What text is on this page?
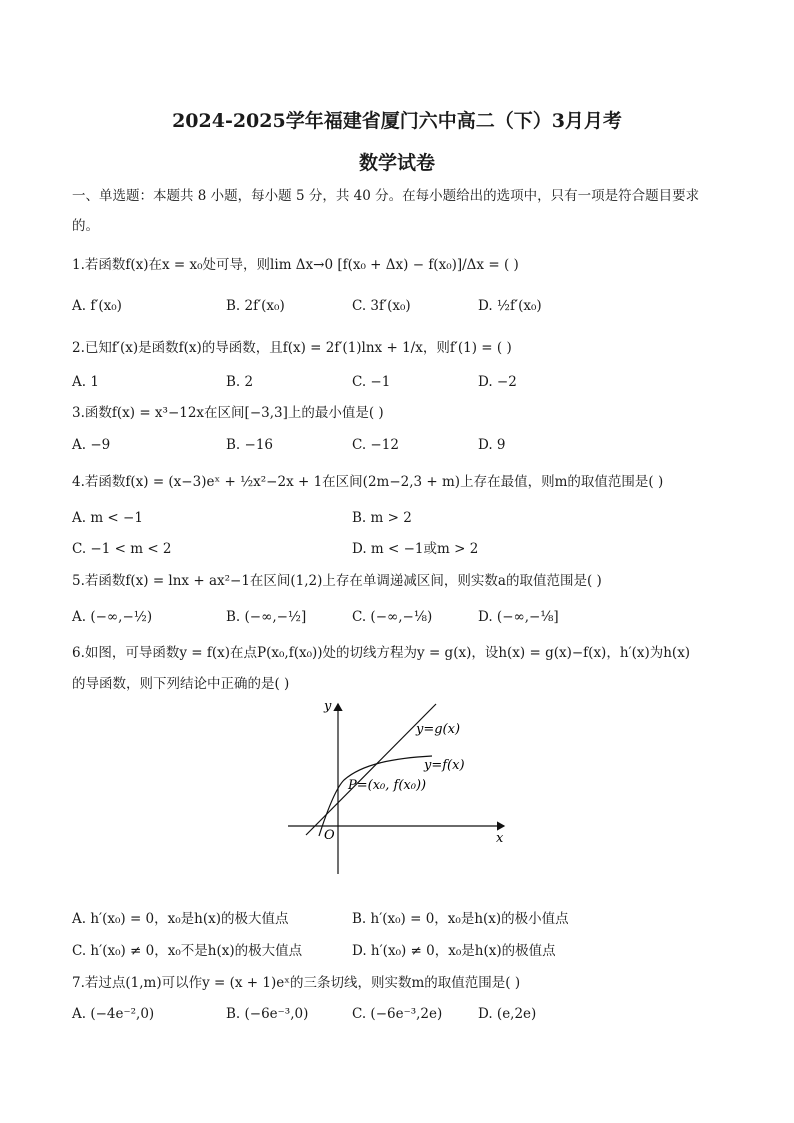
2024-2025学年福建省厦门六中高二（下）3月月考
数学试卷
一、单选题：本题共 8 小题，每小题 5 分，共 40 分。在每小题给出的选项中，只有一项是符合题目要求
的。
1.若函数f(x)在x = x₀处可导，则lim Δx→0 [f(x₀ + Δx) − f(x₀)]/Δx = ( )
A. f′(x₀)	B. 2f′(x₀)	C. 3f′(x₀)	D. ½f′(x₀)
2.已知f′(x)是函数f(x)的导函数，且f(x) = 2f′(1)lnx + 1/x，则f′(1) = ( )
A. 1	B. 2	C. −1	D. −2
3.函数f(x) = x³−12x在区间[−3,3]上的最小值是( )
A. −9	B. −16	C. −12	D. 9
4.若函数f(x) = (x−3)eˣ + ½x²−2x + 1在区间(2m−2,3 + m)上存在最值，则m的取值范围是( )
A. m < −1	B. m > 2
C. −1 < m < 2	D. m < −1或m > 2
5.若函数f(x) = lnx + ax²−1在区间(1,2)上存在单调递减区间，则实数a的取值范围是( )
A. (−∞,−½)	B. (−∞,−½]	C. (−∞,−⅛)	D. (−∞,−⅛]
6.如图，可导函数y = f(x)在点P(x₀,f(x₀))处的切线方程为y = g(x)，设h(x) = g(x)−f(x)，h′(x)为h(x)
的导函数，则下列结论中正确的是( )
y
x
O
y=g(x)
y=f(x)
P=(x₀, f(x₀))
A. h′(x₀) = 0，x₀是h(x)的极大值点	B. h′(x₀) = 0，x₀是h(x)的极小值点
C. h′(x₀) ≠ 0，x₀不是h(x)的极大值点	D. h′(x₀) ≠ 0，x₀是h(x)的极值点
7.若过点(1,m)可以作y = (x + 1)eˣ的三条切线，则实数m的取值范围是( )
A. (−4e⁻²,0)	B. (−6e⁻³,0)	C. (−6e⁻³,2e)	D. (e,2e)
